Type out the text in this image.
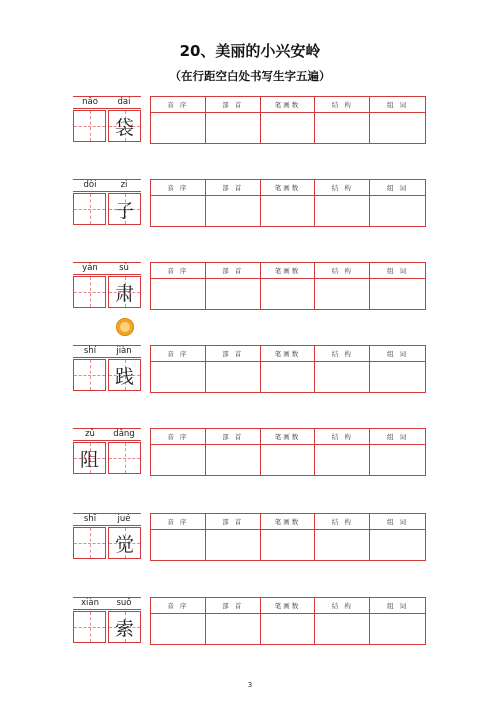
20、美丽的小兴安岭
（在行距空白处书写生字五遍）
nǎo	dai
袋
音 序	部 首	笔画数	结 构	组 词
dòi	zi
子
音 序	部 首	笔画数	结 构	组 词
yán	sù
肃
音 序	部 首	笔画数	结 构	组 词
shí	jiàn
践
音 序	部 首	笔画数	结 构	组 词
zǔ	dǎng
阻
音 序	部 首	笔画数	结 构	组 词
shī	jué
觉
音 序	部 首	笔画数	结 构	组 词
xiàn	suǒ
索
音 序	部 首	笔画数	结 构	组 词
3
